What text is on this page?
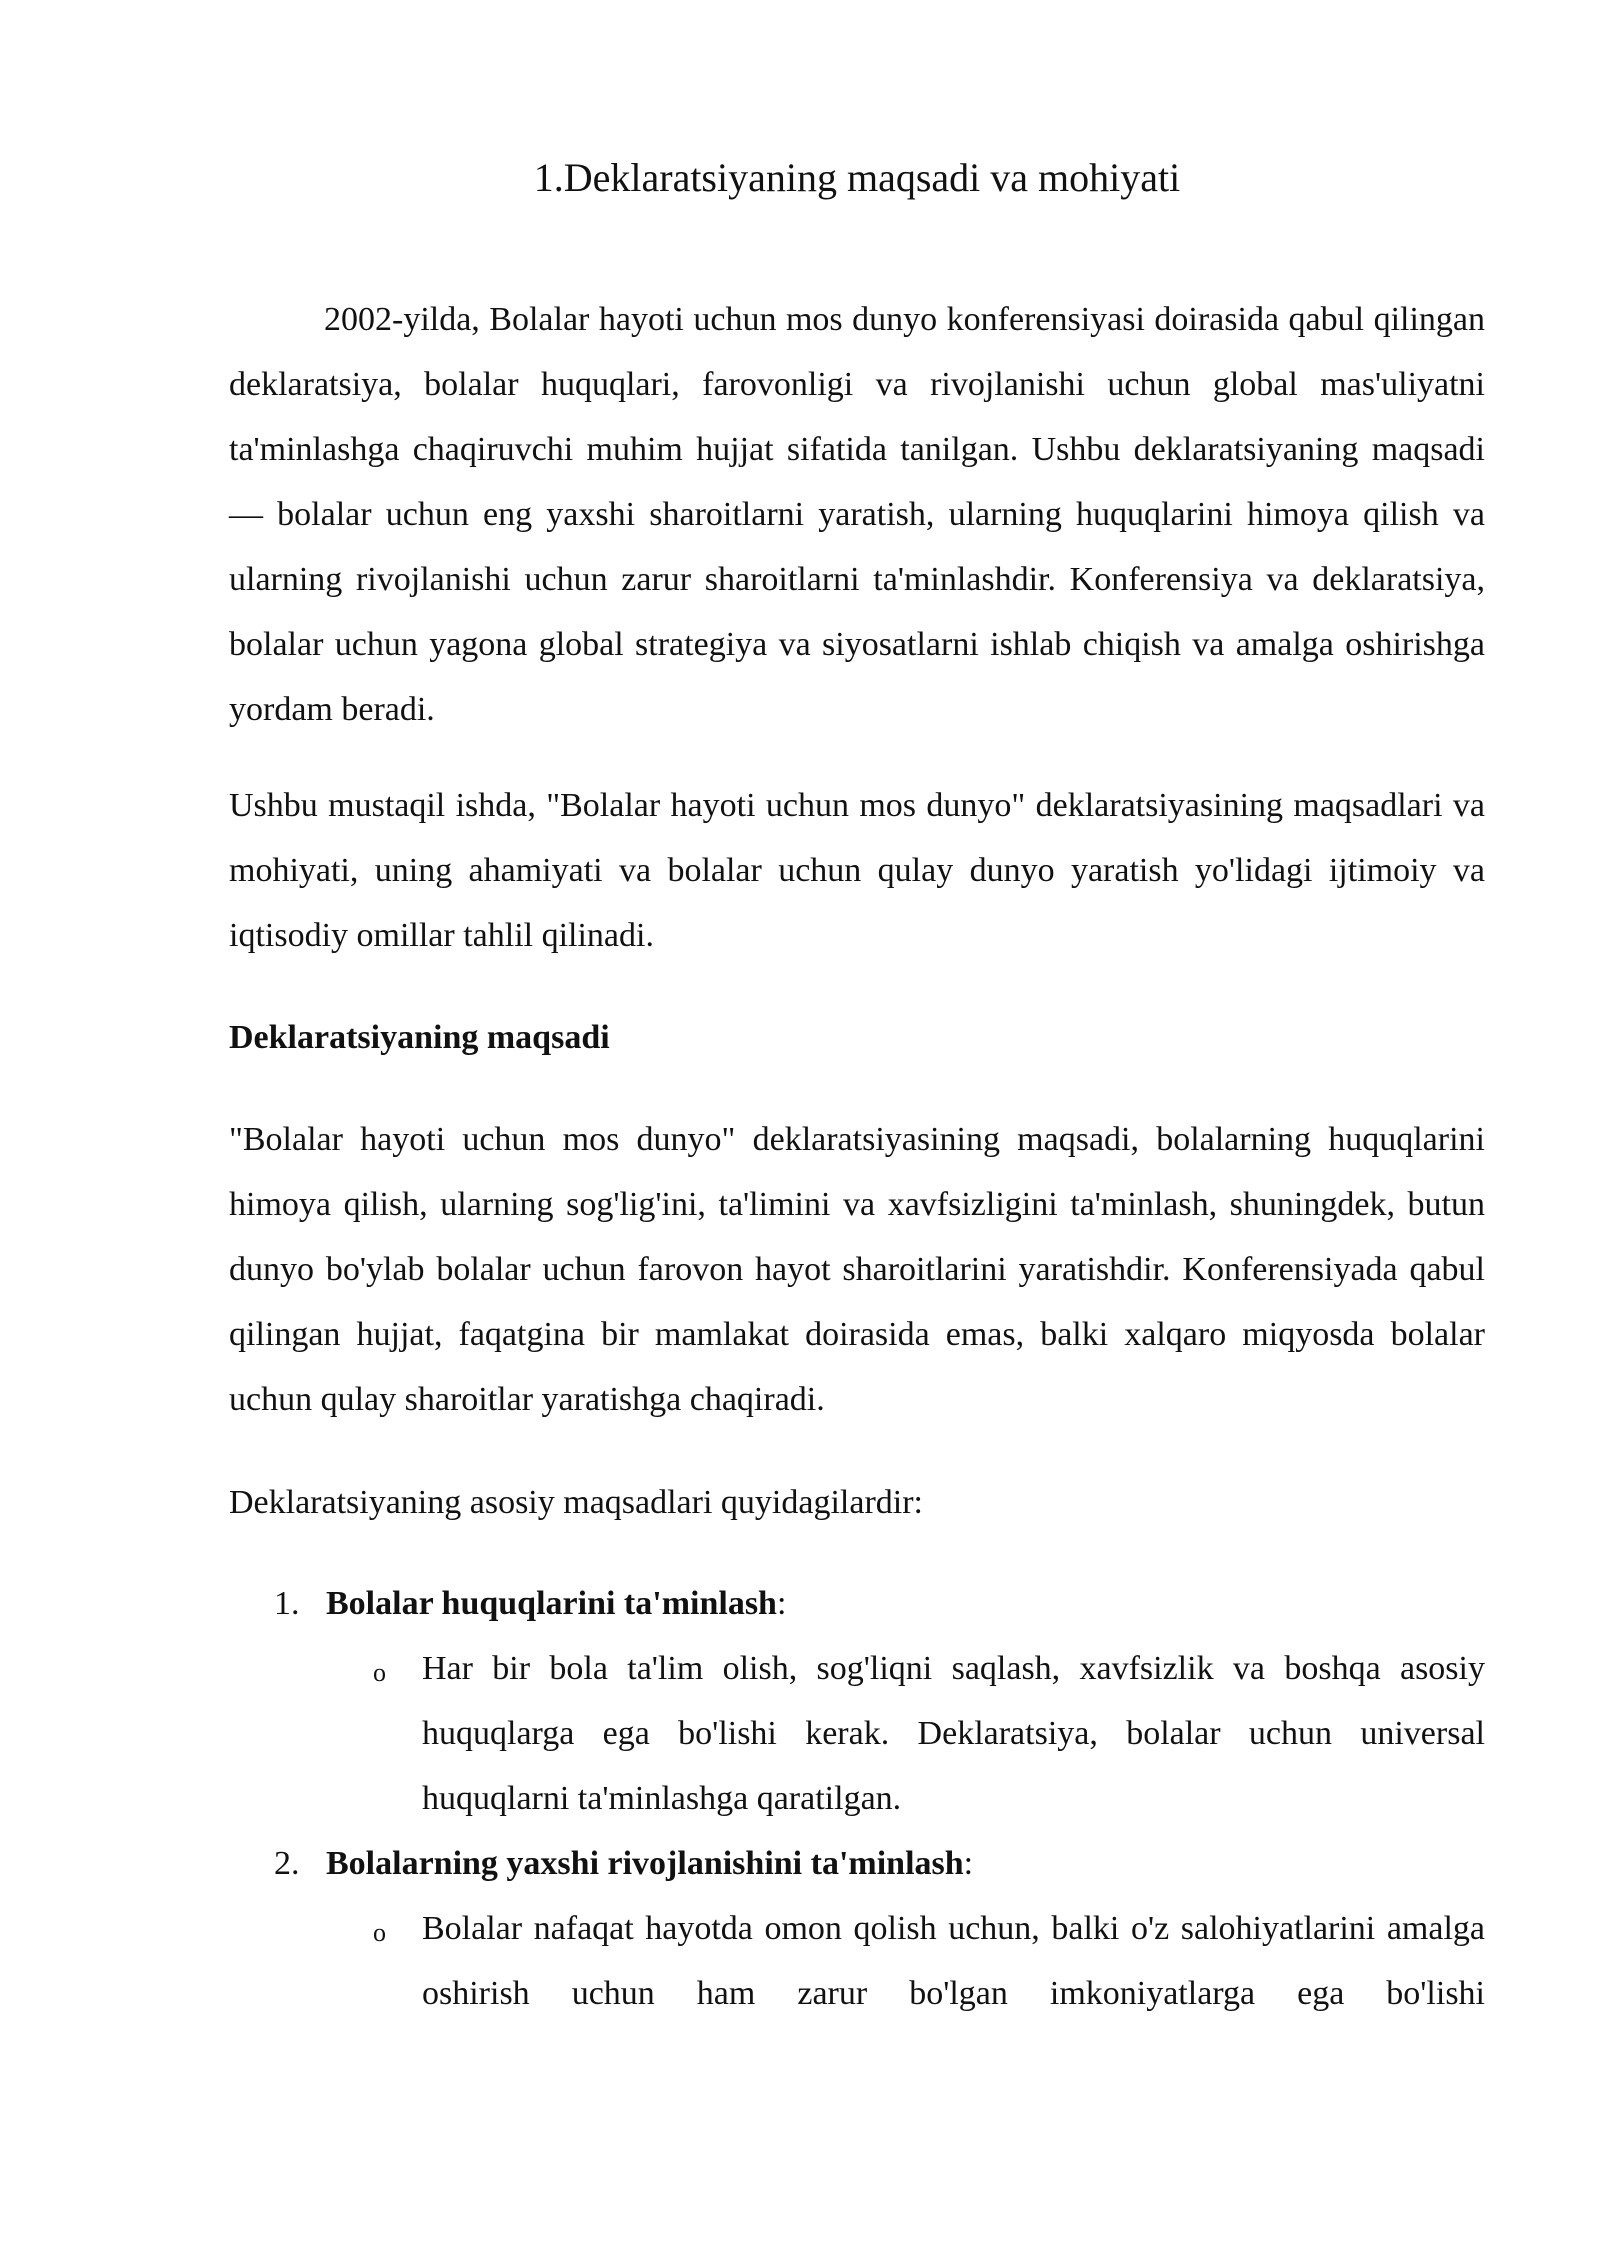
1.Deklaratsiyaning maqsadi va mohiyati

2002-yilda, Bolalar hayoti uchun mos dunyo konferensiyasi doirasida qabul qilingan deklaratsiya, bolalar huquqlari, farovonligi va rivojlanishi uchun global mas'uliyatni ta'minlashga chaqiruvchi muhim hujjat sifatida tanilgan. Ushbu deklaratsiyaning maqsadi — bolalar uchun eng yaxshi sharoitlarni yaratish, ularning huquqlarini himoya qilish va ularning rivojlanishi uchun zarur sharoitlarni ta'minlashdir. Konferensiya va deklaratsiya, bolalar uchun yagona global strategiya va siyosatlarni ishlab chiqish va amalga oshirishga yordam beradi.

Ushbu mustaqil ishda, "Bolalar hayoti uchun mos dunyo" deklaratsiyasining maqsadlari va mohiyati, uning ahamiyati va bolalar uchun qulay dunyo yaratish yo'lidagi ijtimoiy va iqtisodiy omillar tahlil qilinadi.

Deklaratsiyaning maqsadi

"Bolalar hayoti uchun mos dunyo" deklaratsiyasining maqsadi, bolalarning huquqlarini himoya qilish, ularning sog'lig'ini, ta'limini va xavfsizligini ta'minlash, shuningdek, butun dunyo bo'ylab bolalar uchun farovon hayot sharoitlarini yaratishdir. Konferensiyada qabul qilingan hujjat, faqatgina bir mamlakat doirasida emas, balki xalqaro miqyosda bolalar uchun qulay sharoitlar yaratishga chaqiradi.

Deklaratsiyaning asosiy maqsadlari quyidagilardir:

1. Bolalar huquqlarini ta'minlash:
o Har bir bola ta'lim olish, sog'liqni saqlash, xavfsizlik va boshqa asosiy huquqlarga ega bo'lishi kerak. Deklaratsiya, bolalar uchun universal huquqlarni ta'minlashga qaratilgan.

2. Bolalarning yaxshi rivojlanishini ta'minlash:
o Bolalar nafaqat hayotda omon qolish uchun, balki o'z salohiyatlarini amalga oshirish uchun ham zarur bo'lgan imkoniyatlarga ega bo'lishi
